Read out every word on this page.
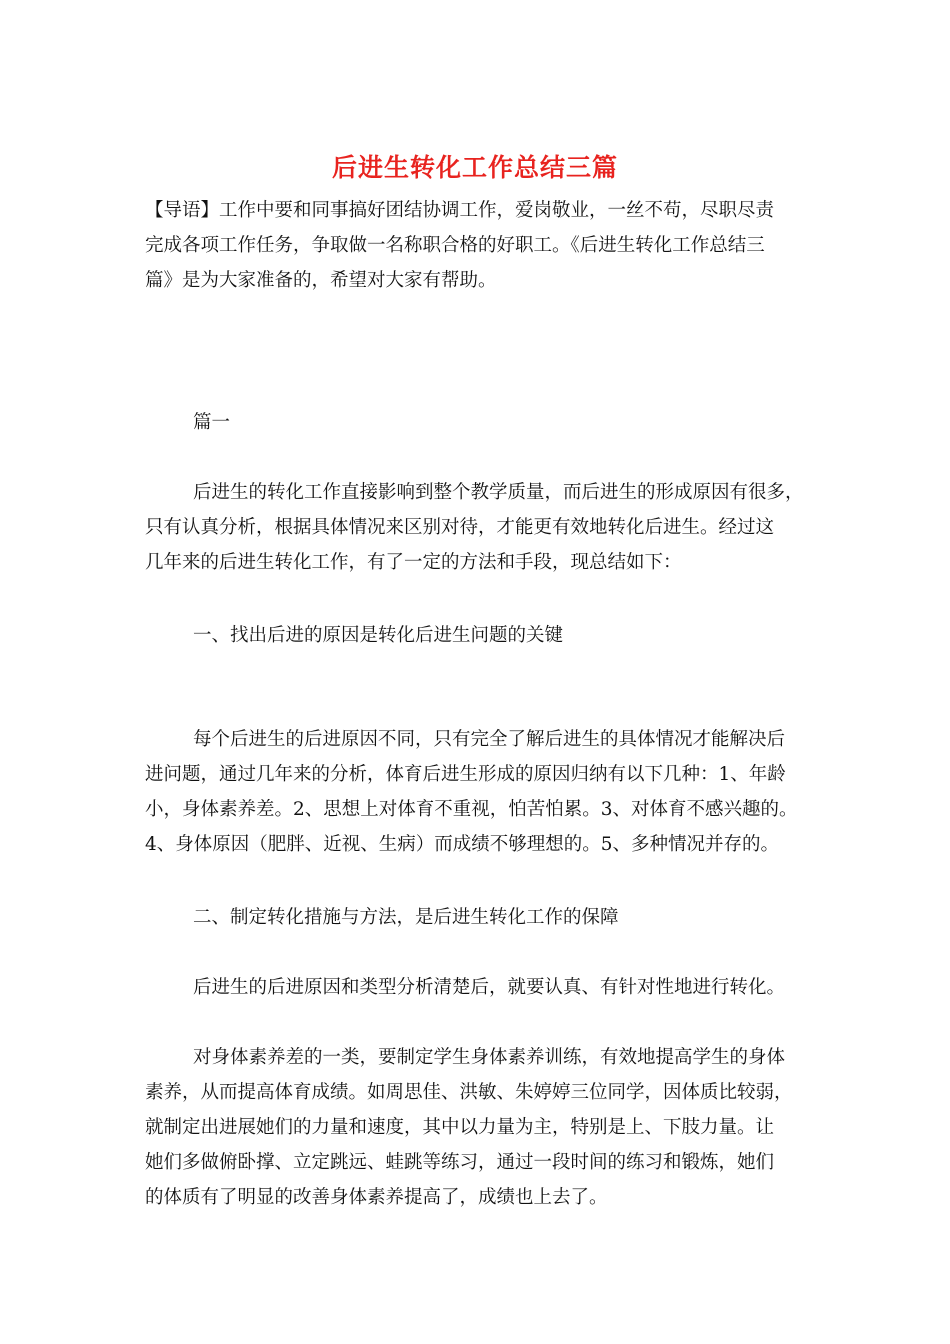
后进生转化工作总结三篇
【导语】工作中要和同事搞好团结协调工作，爱岗敬业，一丝不苟，尽职尽责
完成各项工作任务，争取做一名称职合格的好职工。《后进生转化工作总结三
篇》是为大家准备的，希望对大家有帮助。
篇一
后进生的转化工作直接影响到整个教学质量，而后进生的形成原因有很多，
只有认真分析，根据具体情况来区别对待，才能更有效地转化后进生。经过这
几年来的后进生转化工作，有了一定的方法和手段，现总结如下：
一、找出后进的原因是转化后进生问题的关键
每个后进生的后进原因不同，只有完全了解后进生的具体情况才能解决后
进问题，通过几年来的分析，体育后进生形成的原因归纳有以下几种：1、年龄
小，身体素养差。2、思想上对体育不重视，怕苦怕累。3、对体育不感兴趣的。
4、身体原因（肥胖、近视、生病）而成绩不够理想的。5、多种情况并存的。
二、制定转化措施与方法，是后进生转化工作的保障
后进生的后进原因和类型分析清楚后，就要认真、有针对性地进行转化。
对身体素养差的一类，要制定学生身体素养训练，有效地提高学生的身体
素养，从而提高体育成绩。如周思佳、洪敏、朱婷婷三位同学，因体质比较弱，
就制定出进展她们的力量和速度，其中以力量为主，特别是上、下肢力量。让
她们多做俯卧撑、立定跳远、蛙跳等练习，通过一段时间的练习和锻炼，她们
的体质有了明显的改善身体素养提高了，成绩也上去了。
